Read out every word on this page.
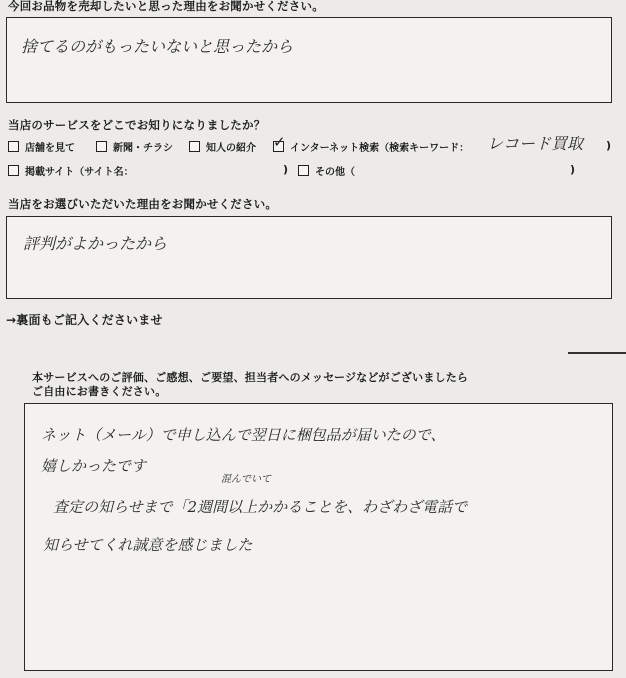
今回お品物を売却したいと思った理由をお聞かせください。
捨てるのがもったいないと思ったから
当店のサービスをどこでお知りになりましたか？
店舗を見て	新聞・チラシ	知人の紹介 ✓ インターネット検索（検索キーワード： レコード買取 )
掲載サイト（サイト名：	)	その他（	)
当店をお選びいただいた理由をお聞かせください。
評判がよかったから
→裏面もご記入くださいませ
本サービスへのご評価、ご感想、ご要望、担当者へのメッセージなどがございましたら
ご自由にお書きください。
ネット（メール）で申し込んで翌日に梱包品が届いたので、
嬉しかったです
混んでいて
査定の知らせまで「2週間以上かかることを、わざわざ電話で
知らせてくれ誠意を感じました
